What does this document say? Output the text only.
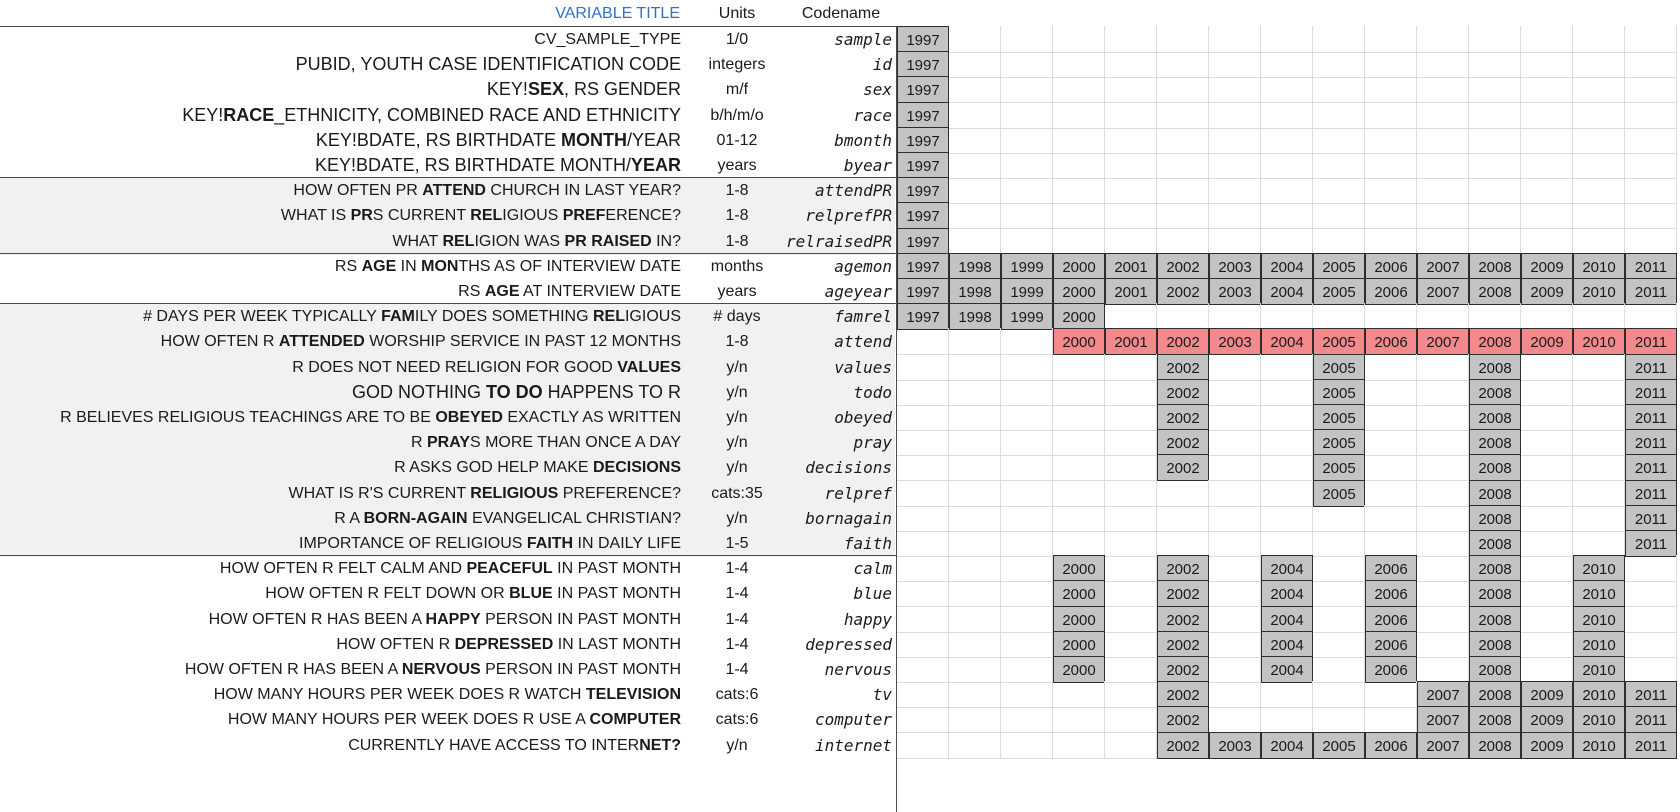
VARIABLE TITLE	Units	Codename
CV_SAMPLE_TYPE	1/0	sample 1997
PUBID, YOUTH CASE IDENTIFICATION CODE	integers	id 1997
KEY!SEX, RS GENDER	m/f	sex 1997
KEY!RACE_ETHNICITY, COMBINED RACE AND ETHNICITY	b/h/m/o	race 1997
KEY!BDATE, RS BIRTHDATE MONTH/YEAR	01-12	bmonth 1997
KEY!BDATE, RS BIRTHDATE MONTH/YEAR	years	byear 1997
HOW OFTEN PR ATTEND CHURCH IN LAST YEAR?	1-8	attendPR 1997
WHAT IS PRS CURRENT RELIGIOUS PREFERENCE?	1-8	relprefPR 1997
WHAT RELIGION WAS PR RAISED IN?	1-8	relraisedPR 1997
RS AGE IN MONTHS AS OF INTERVIEW DATE	months	agemon 1997	1998	1999	2000	2001	2002	2003	2004	2005	2006	2007	2008	2009	2010	2011
RS AGE AT INTERVIEW DATE	years	ageyear 1997	1998	1999	2000	2001	2002	2003	2004	2005	2006	2007	2008	2009	2010	2011
# DAYS PER WEEK TYPICALLY FAMILY DOES SOMETHING RELIGIOUS	# days	famrel 1997	1998	1999	2000
HOW OFTEN R ATTENDED WORSHIP SERVICE IN PAST 12 MONTHS	1-8	attend	2000	2001	2002	2003	2004	2005	2006	2007	2008	2009	2010	2011
R DOES NOT NEED RELIGION FOR GOOD VALUES	y/n	values	2002	2005	2008	2011
GOD NOTHING TO DO HAPPENS TO R	y/n	todo	2002	2005	2008	2011
R BELIEVES RELIGIOUS TEACHINGS ARE TO BE OBEYED EXACTLY AS WRITTEN	y/n	obeyed	2002	2005	2008	2011
R PRAYS MORE THAN ONCE A DAY	y/n	pray	2002	2005	2008	2011
R ASKS GOD HELP MAKE DECISIONS	y/n	decisions	2002	2005	2008	2011
WHAT IS R'S CURRENT RELIGIOUS PREFERENCE?	cats:35	relpref	2005	2008	2011
R A BORN-AGAIN EVANGELICAL CHRISTIAN?	y/n	bornagain	2008	2011
IMPORTANCE OF RELIGIOUS FAITH IN DAILY LIFE	1-5	faith	2008	2011
HOW OFTEN R FELT CALM AND PEACEFUL IN PAST MONTH	1-4	calm	2000	2002	2004	2006	2008	2010
HOW OFTEN R FELT DOWN OR BLUE IN PAST MONTH	1-4	blue	2000	2002	2004	2006	2008	2010
HOW OFTEN R HAS BEEN A HAPPY PERSON IN PAST MONTH	1-4	happy	2000	2002	2004	2006	2008	2010
HOW OFTEN R DEPRESSED IN LAST MONTH	1-4	depressed	2000	2002	2004	2006	2008	2010
HOW OFTEN R HAS BEEN A NERVOUS PERSON IN PAST MONTH	1-4	nervous	2000	2002	2004	2006	2008	2010
HOW MANY HOURS PER WEEK DOES R WATCH TELEVISION	cats:6	tv	2002	2007	2008	2009	2010	2011
HOW MANY HOURS PER WEEK DOES R USE A COMPUTER	cats:6	computer	2002	2007	2008	2009	2010	2011
CURRENTLY HAVE ACCESS TO INTERNET?	y/n	internet	2002	2003	2004	2005	2006	2007	2008	2009	2010	2011
